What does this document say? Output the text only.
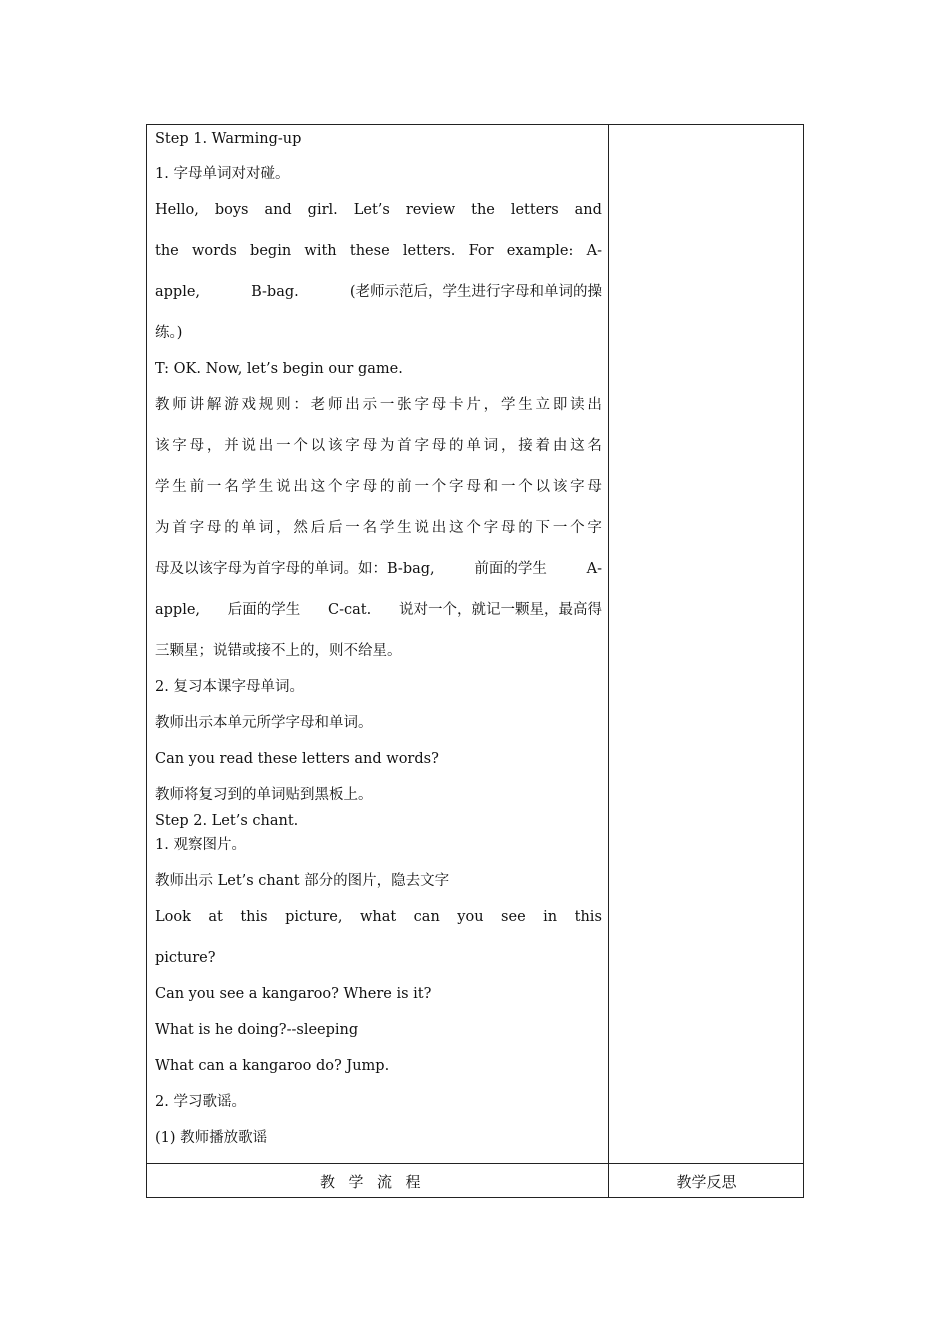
Step 1. Warming-up
1. 字母单词对对碰。
Hello, boys and girl. Let’s review the letters and
the words begin with these letters. For example: A-
apple,	B-bag.	(老师示范后，学生进行字母和单词的操
练。)
T: OK. Now, let’s begin our game.
教 师 讲 解 游 戏 规 则 ： 老 师 出 示 一 张 字 母 卡 片 ， 学 生 立 即 读 出
该 字 母 ， 并 说 出 一 个 以 该 字 母 为 首 字 母 的 单 词 ， 接 着 由 这 名
学 生 前 一 名 学 生 说 出 这 个 字 母 的 前 一 个 字 母 和 一 个 以 该 字 母
为 首 字 母 的 单 词 ， 然 后 后 一 名 学 生 说 出 这 个 字 母 的 下 一 个 字
母及以该字母为首字母的单词。如：B-bag,	前面的学生	A-
apple, 后面的学生 C-cat. 说对一个，就记一颗星，最高得
三颗星；说错或接不上的，则不给星。
2. 复习本课字母单词。
教师出示本单元所学字母和单词。
Can you read these letters and words?
教师将复习到的单词贴到黑板上。
Step 2. Let’s chant.
1. 观察图片。
教师出示 Let’s chant 部分的图片，隐去文字
Look at this picture, what can you see in this
picture?
Can you see a kangaroo? Where is it?
What is he doing?--sleeping
What can a kangaroo do? Jump.
2. 学习歌谣。
(1) 教师播放歌谣
教学流程	教学反思
